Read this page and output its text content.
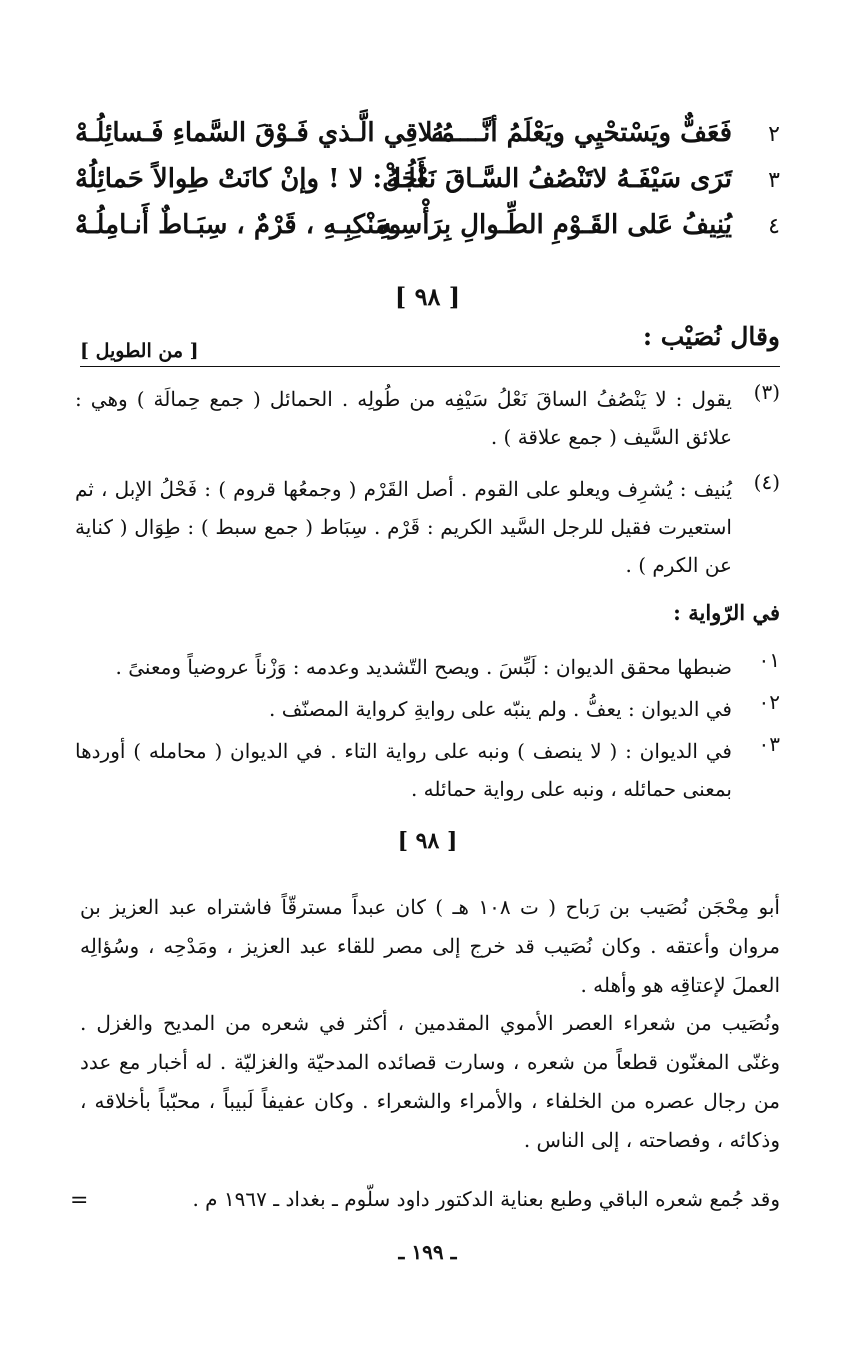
٢
فَعَفٌّ ويَسْتحْيِي ويَعْلَمُ أنَّـــــهُ
مُـلاقِي الَّـذي فَـوْقَ السَّماءِ فَـسائِلُـهْ
٣
تَرَى سَيْفَـهُ لاتَنْصُفُ السَّـاقَ نَعْلُـهُ
أَجَلْ: لا ! وإنْ كانَتْ طِوالاً حَمائِلُهْ
٤
يُنِيفُ عَلى القَـوْمِ الطِّـوالِ بِرَأْسِـهِ
ومَنْكِبِـهِ ، قَرْمٌ ، سِبَـاطٌ أَنـامِلُـهْ
[ ٩٨ ]
وقال نُصَيْب :
[ من الطويل ]
(٣)
يقول : لا يَنْصُفُ الساقَ نَعْلُ سَيْفِه من طُولِه . الحمائل ( جمع حِمالَة ) وهي : علائق السَّيف ( جمع علاقة ) .
(٤)
يُنيف : يُشرِف ويعلو على القوم . أصل القَرْم ( وجمعُها قروم ) : فَحْلُ الإبل ، ثم استعيرت فقيل للرجل السَّيد الكريم : قَرْم . سِبَاط ( جمع سبط ) : طِوَال ( كناية عن الكرم ) .
في الرّواية :
٠١
ضبطها محقق الديوان : لَبِّسَ . ويصح التّشديد وعدمه : وَزْناً عروضياً ومعنىً .
٠٢
في الديوان : يعفُّ . ولم ينبّه على روايةِ كرواية المصنّف .
٠٣
في الديوان : ( لا ينصف ) ونبه على رواية التاء . في الديوان ( محامله ) أوردها بمعنى حمائله ، ونبه على رواية حمائله .
[ ٩٨ ]
أبو مِحْجَن نُصَيب بن رَباح ( ت ١٠٨ هـ ) كان عبداً مسترقّاً فاشتراه عبد العزيز بن مروان وأعتقه . وكان نُصَيب قد خرج إلى مصر للقاء عبد العزيز ، ومَدْحِه ، وسُؤالِه العملَ لإعتاقِه هو وأهله .
ونُصَيب من شعراء العصر الأموي المقدمين ، أكثر في شعره من المديح والغزل . وغنّى المغنّون قطعاً من شعره ، وسارت قصائده المدحيّة والغزليّة . له أخبار مع عدد من رجال عصره من الخلفاء ، والأمراء والشعراء . وكان عفيفاً لَبيباً ، محبّباً بأخلاقه ، وذكائه ، وفصاحته ، إلى الناس .
وقد جُمع شعره الباقي وطبع بعناية الدكتور داود سلّوم ـ بغداد ـ ١٩٦٧ م .
=
ـ ١٩٩ ـ
